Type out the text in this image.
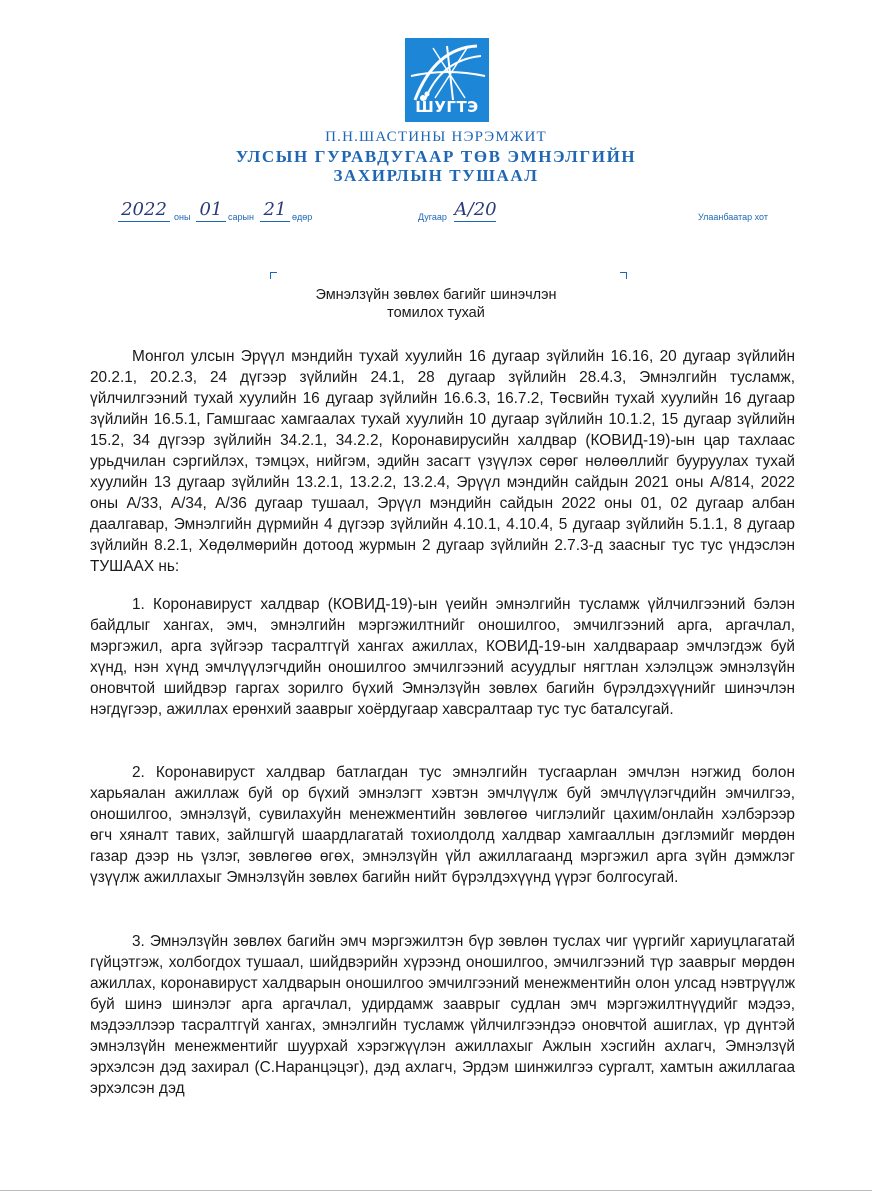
ШУГТЭ
П.Н.ШАСТИНЫ НЭРЭМЖИТ
УЛСЫН ГУРАВДУГААР ТӨВ ЭМНЭЛГИЙН
ЗАХИРЛЫН ТУШААЛ
2022 оны 01 сарын 21 өдөр	Дугаар А/20	Улаанбаатар хот
Эмнэлзүйн зөвлөх багийг шинэчлэн
томилох тухай

Монгол улсын Эрүүл мэндийн тухай хуулийн 16 дугаар зүйлийн 16.16, 20 дугаар зүйлийн 20.2.1, 20.2.3, 24 дүгээр зүйлийн 24.1, 28 дугаар зүйлийн 28.4.3, Эмнэлгийн тусламж, үйлчилгээний тухай хуулийн 16 дугаар зүйлийн 16.6.3, 16.7.2, Төсвийн тухай хуулийн 16 дугаар зүйлийн 16.5.1, Гамшгаас хамгаалах тухай хуулийн 10 дугаар зүйлийн 10.1.2, 15 дугаар зүйлийн 15.2, 34 дүгээр зүйлийн 34.2.1, 34.2.2, Коронавирусийн халдвар (КОВИД-19)-ын цар тахлаас урьдчилан сэргийлэх, тэмцэх, нийгэм, эдийн засагт үзүүлэх сөрөг нөлөөллийг бууруулах тухай хуулийн 13 дугаар зүйлийн 13.2.1, 13.2.2, 13.2.4, Эрүүл мэндийн сайдын 2021 оны А/814, 2022 оны А/33, А/34, А/36 дугаар тушаал, Эрүүл мэндийн сайдын 2022 оны 01, 02 дугаар албан даалгавар, Эмнэлгийн дүрмийн 4 дүгээр зүйлийн 4.10.1, 4.10.4, 5 дугаар зүйлийн 5.1.1, 8 дугаар зүйлийн 8.2.1, Хөдөлмөрийн дотоод журмын 2 дугаар зүйлийн 2.7.3-д заасныг тус тус үндэслэн ТУШААХ нь:

1. Коронавируст халдвар (КОВИД-19)-ын үеийн эмнэлгийн тусламж үйлчилгээний бэлэн байдлыг хангах, эмч, эмнэлгийн мэргэжилтнийг оношилгоо, эмчилгээний арга, аргачлал, мэргэжил, арга зүйгээр тасралтгүй хангах ажиллах, КОВИД-19-ын халдвараар эмчлэгдэж буй хүнд, нэн хүнд эмчлүүлэгчдийн оношилгоо эмчилгээний асуудлыг нягтлан хэлэлцэж эмнэлзүйн оновчтой шийдвэр гаргах зорилго бүхий Эмнэлзүйн зөвлөх багийн бүрэлдэхүүнийг шинэчлэн нэгдүгээр, ажиллах ерөнхий зааврыг хоёрдугаар хавсралтаар тус тус баталсугай.

2. Коронавируст халдвар батлагдан тус эмнэлгийн тусгаарлан эмчлэн нэгжид болон харьяалан ажиллаж буй ор бүхий эмнэлэгт хэвтэн эмчлүүлж буй эмчлүүлэгчдийн эмчилгээ, оношилгоо, эмнэлзүй, сувилахуйн менежментийн зөвлөгөө чиглэлийг цахим/онлайн хэлбэрээр өгч хяналт тавих, зайлшгүй шаардлагатай тохиолдолд халдвар хамгааллын дэглэмийг мөрдөн газар дээр нь үзлэг, зөвлөгөө өгөх, эмнэлзүйн үйл ажиллагаанд мэргэжил арга зүйн дэмжлэг үзүүлж ажиллахыг Эмнэлзүйн зөвлөх багийн нийт бүрэлдэхүүнд үүрэг болгосугай.

3. Эмнэлзүйн зөвлөх багийн эмч мэргэжилтэн бүр зөвлөн туслах чиг үүргийг хариуцлагатай гүйцэтгэж, холбогдох тушаал, шийдвэрийн хүрээнд оношилгоо, эмчилгээний түр зааврыг мөрдөн ажиллах, коронавируст халдварын оношилгоо эмчилгээний менежментийн олон улсад нэвтрүүлж буй шинэ шинэлэг арга аргачлал, удирдамж зааврыг судлан эмч мэргэжилтнүүдийг мэдээ, мэдээллээр тасралтгүй хангах, эмнэлгийн тусламж үйлчилгээндээ оновчтой ашиглах, үр дүнтэй эмнэлзүйн менежментийг шуурхай хэрэгжүүлэн ажиллахыг Ажлын хэсгийн ахлагч, Эмнэлзүй эрхэлсэн дэд захирал (С.Наранцэцэг), дэд ахлагч, Эрдэм шинжилгээ сургалт, хамтын ажиллагаа эрхэлсэн дэд
